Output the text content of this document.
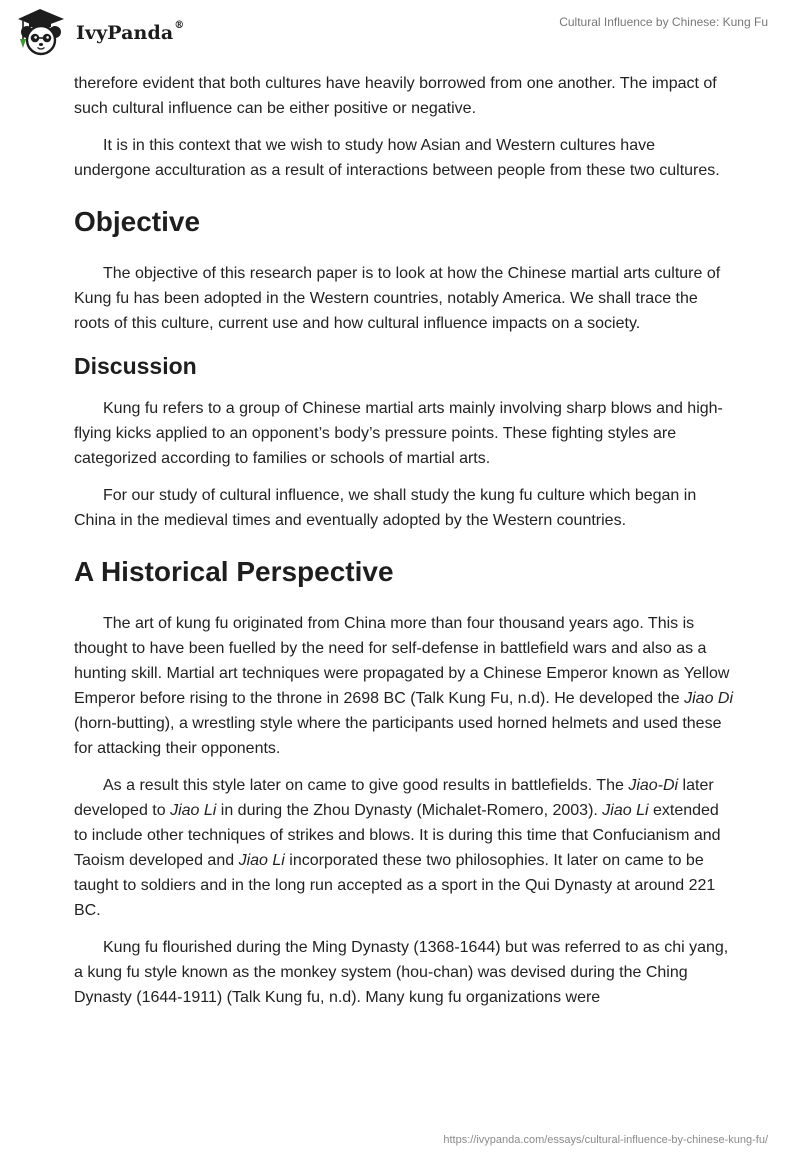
IvyPanda®	Cultural Influence by Chinese: Kung Fu

therefore evident that both cultures have heavily borrowed from one another. The impact of such cultural influence can be either positive or negative.

It is in this context that we wish to study how Asian and Western cultures have undergone acculturation as a result of interactions between people from these two cultures.

Objective

The objective of this research paper is to look at how the Chinese martial arts culture of Kung fu has been adopted in the Western countries, notably America. We shall trace the roots of this culture, current use and how cultural influence impacts on a society.

Discussion

Kung fu refers to a group of Chinese martial arts mainly involving sharp blows and high-flying kicks applied to an opponent’s body’s pressure points. These fighting styles are categorized according to families or schools of martial arts.

For our study of cultural influence, we shall study the kung fu culture which began in China in the medieval times and eventually adopted by the Western countries.

A Historical Perspective

The art of kung fu originated from China more than four thousand years ago. This is thought to have been fuelled by the need for self-defense in battlefield wars and also as a hunting skill. Martial art techniques were propagated by a Chinese Emperor known as Yellow Emperor before rising to the throne in 2698 BC (Talk Kung Fu, n.d). He developed the Jiao Di (horn-butting), a wrestling style where the participants used horned helmets and used these for attacking their opponents.

As a result this style later on came to give good results in battlefields. The Jiao-Di later developed to Jiao Li in during the Zhou Dynasty (Michalet-Romero, 2003). Jiao Li extended to include other techniques of strikes and blows. It is during this time that Confucianism and Taoism developed and Jiao Li incorporated these two philosophies. It later on came to be taught to soldiers and in the long run accepted as a sport in the Qui Dynasty at around 221 BC.

Kung fu flourished during the Ming Dynasty (1368-1644) but was referred to as chi yang, a kung fu style known as the monkey system (hou-chan) was devised during the Ching Dynasty (1644-1911) (Talk Kung fu, n.d). Many kung fu organizations were

https://ivypanda.com/essays/cultural-influence-by-chinese-kung-fu/
